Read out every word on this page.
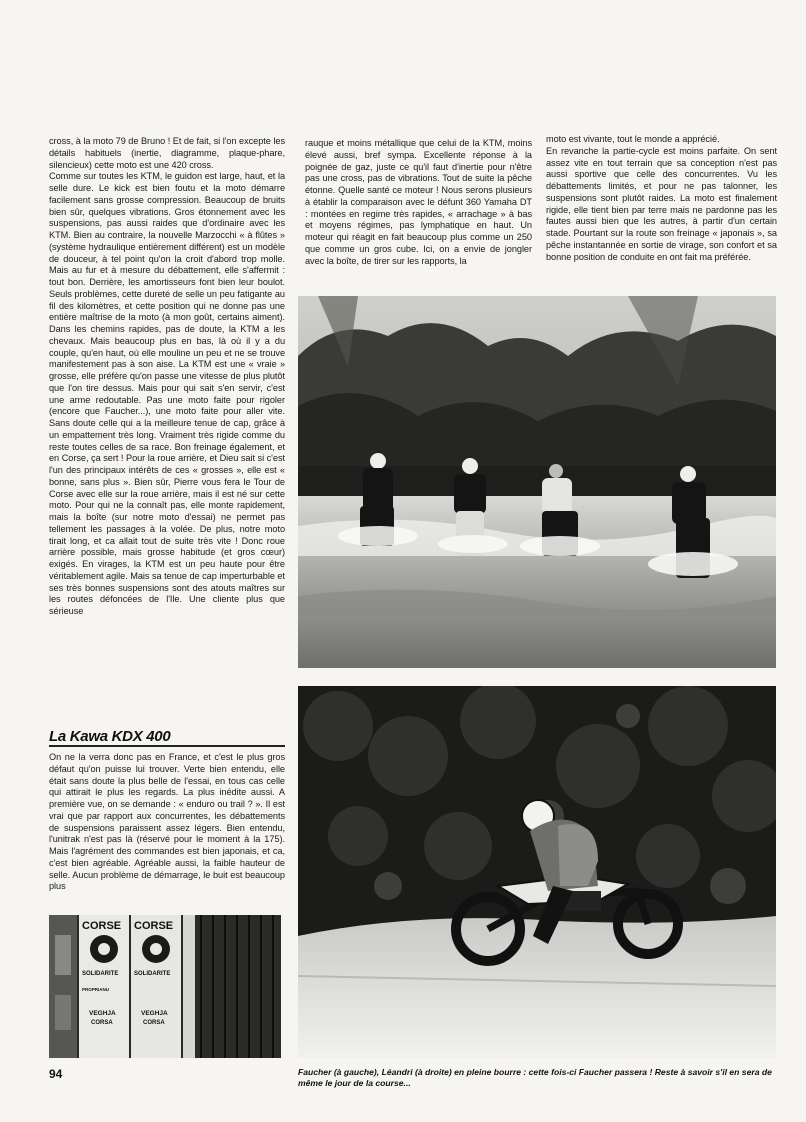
cross, à la moto 79 de Bruno ! Et de fait, si l'on excepte les détails habituels (inertie, diagramme, plaque-phare, silencieux) cette moto est une 420 cross.

Comme sur toutes les KTM, le guidon est large, haut, et la selle dure. Le kick est bien foutu et la moto démarre facilement sans grosse compression. Beaucoup de bruits bien sûr, quelques vibrations. Gros étonnement avec les suspensions, pas aussi raides que d'ordinaire avec les KTM. Bien au contraire, la nouvelle Marzocchi « à flûtes » (système hydraulique entièrement différent) est un modèle de douceur, à tel point qu'on la croit d'abord trop molle. Mais au fur et à mesure du débattement, elle s'affermit : tout bon. Derrière, les amortisseurs font bien leur boulot. Seuls problèmes, cette dureté de selle un peu fatigante au fil des kilomètres, et cette position qui ne donne pas une entière maîtrise de la moto (à mon goût, certains aiment). Dans les chemins rapides, pas de doute, la KTM a les chevaux. Mais beaucoup plus en bas, là où il y a du couple, qu'en haut, où elle mouline un peu et ne se trouve manifestement pas à son aise. La KTM est une « vraie » grosse, elle préfère qu'on passe une vitesse de plus plutôt que l'on tire dessus. Mais pour qui sait s'en servir, c'est une arme redoutable. Pas une moto faite pour rigoler (encore que Faucher...), une moto faite pour aller vite. Sans doute celle qui a la meilleure tenue de cap, grâce à un empattement très long. Vraiment très rigide comme du reste toutes celles de sa race. Bon freinage également, et en Corse, ça sert ! Pour la roue arrière, et Dieu sait si c'est l'un des principaux intérêts de ces « grosses », elle est « bonne, sans plus ». Bien sûr, Pierre vous fera le Tour de Corse avec elle sur la roue arrière, mais il est né sur cette moto. Pour qui ne la connaît pas, elle monte rapidement, mais la boîte (sur notre moto d'essai) ne permet pas tellement les passages à la volée. De plus, notre moto tirait long, et ca allait tout de suite très vite ! Donc roue arrière possible, mais grosse habitude (et gros cœur) exigés. En virages, la KTM est un peu haute pour être véritablement agile. Mais sa tenue de cap imperturbable et ses très bonnes suspensions sont des atouts maîtres sur les routes défoncées de l'Ile. Une cliente plus que sérieuse

La Kawa KDX 400

On ne la verra donc pas en France, et c'est le plus gros défaut qu'on puisse lui trouver. Verte bien entendu, elle était sans doute la plus belle de l'essai, en tous cas celle qui attirait le plus les regards. La plus inédite aussi. A première vue, on se demande : « enduro ou trail ? ». Il est vrai que par rapport aux concurrentes, les débattements de suspensions paraissent assez légers. Bien entendu, l'unitrak n'est pas là (réservé pour le moment à la 175). Mais l'agrément des commandes est bien japonais, et ca, c'est bien agréable. Agréable aussi, la faible hauteur de selle. Aucun problème de démarrage, le buit est beaucoup plus

rauque et moins métallique que celui de la KTM, moins élevé aussi, bref sympa. Excellente réponse à la poignée de gaz, juste ce qu'il faut d'inertie pour n'être pas une cross, pas de vibrations. Tout de suite la pêche étonne. Quelle santé ce moteur ! Nous serons plusieurs à établir la comparaison avec le défunt 360 Yamaha DT : montées en regime très rapides, « arrachage » à bas et moyens régimes, pas lymphatique en haut. Un moteur qui réagit en fait beaucoup plus comme un 250 que comme un gros cube. Ici, on a envie de jongler avec la boîte, de tirer sur les rapports, la

moto est vivante, tout le monde a apprécié.

En revanche la partie-cycle est moins parfaite. On sent assez vite en tout terrain que sa conception n'est pas aussi sportive que celle des concurrentes. Vu les débattements limités, et pour ne pas talonner, les suspensions sont plutôt raides. La moto est finalement rigide, elle tient bien par terre mais ne pardonne pas les fautes aussi bien que les autres, à partir d'un certain stade. Pourtant sur la route son freinage « japonais », sa pêche instantannée en sortie de virage, son confort et sa bonne position de conduite en ont fait ma préférée.

CORSE CORSE
SOLIDARITE	SOLIDARITE
PROPRIANU
VEGHJA	VEGHJA
CORSA	CORSA
Faucher (à gauche), Léandri (à droite) en pleine bourre : cette fois-ci Faucher passera ! Reste à savoir s'il en sera de même le jour de la course...
94
